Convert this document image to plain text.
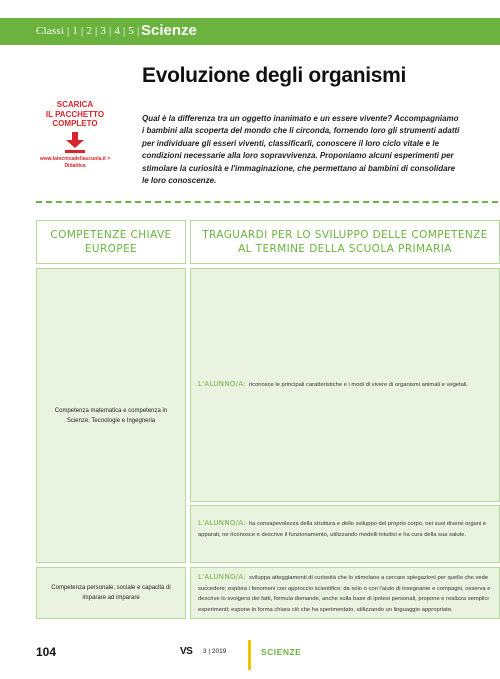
Classi | 1 | 2 | 3 | 4 | 5 | Scienze
Evoluzione degli organismi
SCARICA
IL PACCHETTO
COMPLETO
www.latecnicadellascuola.it >
Didattica

Qual è la differenza tra un oggetto inanimato e un essere vivente? Accompagniamo i bambini alla scoperta del mondo che li circonda, fornendo loro gli strumenti adatti per individuare gli esseri viventi, classificarli, conoscere il loro ciclo vitale e le condizioni necessarie alla loro sopravvivenza. Proponiamo alcuni esperimenti per stimolare la curiosità e l'immaginazione, che permettano ai bambini di consolidare le loro conoscenze.

COMPETENZE CHIAVE
EUROPEE
TRAGUARDI PER LO SVILUPPO DELLE COMPETENZE
AL TERMINE DELLA SCUOLA PRIMARIA
Competenza matematica e competenza in Scienze, Tecnologie e Ingegneria
Competenza personale, sociale e capacità di imparare ad imparare

L'ALUNNO/A: riconosce le principali caratteristiche e i modi di vivere di organismi animali e vegetali.

L'ALUNNO/A: ha consapevolezza della struttura e dello sviluppo del proprio corpo, nei suoi diversi organi e apparati, ne riconosce e descrive il funzionamento, utilizzando modelli intuitivi e ha cura della sua salute.

L'ALUNNO/A: sviluppa atteggiamenti di curiosità che lo stimolano a cercare spiegazioni per quello che vede succedere; esplora i fenomeni con approccio scientifico: da solo o con l'aiuto di insegnante e compagni, osserva e descrive lo svolgersi dei fatti, formula domande, anche sulla base di ipotesi personali, propone e realizza semplici esperimenti; espone in forma chiara ciò che ha sperimentato, utilizzando un linguaggio appropriato.

104	VS 3 | 2019	SCIENZE
